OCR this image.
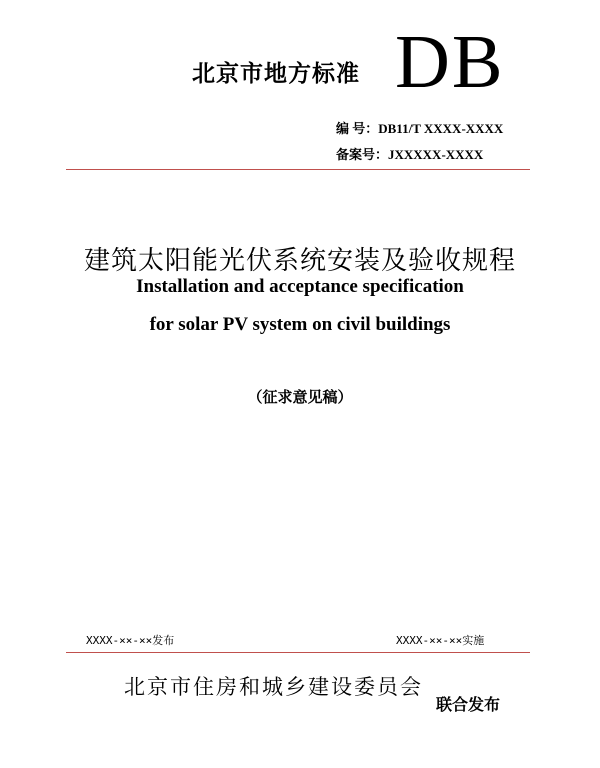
北京市地方标准 DB
编 号：DB11/T XXXX-XXXX
备案号：JXXXXX-XXXX
建筑太阳能光伏系统安装及验收规程
Installation and acceptance specification
for solar PV system on civil buildings
（征求意见稿）
XXXX-××-××发布	XXXX-××-××实施
北京市住房和城乡建设委员会
联合发布
